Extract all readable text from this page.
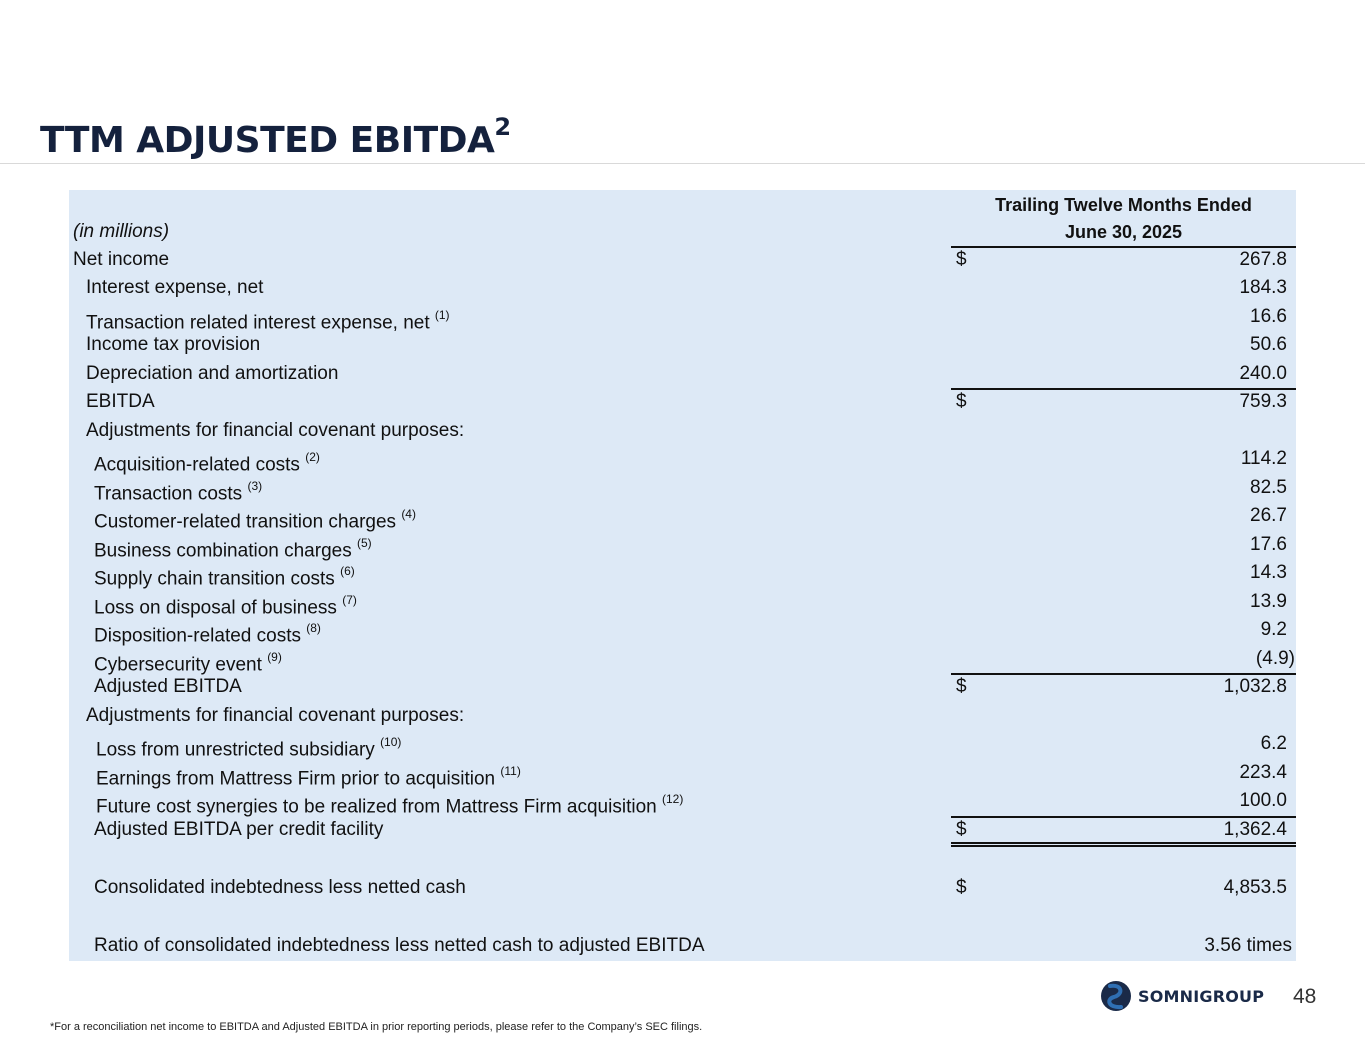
TTM ADJUSTED EBITDA$^2$
Trailing Twelve Months Ended
June 30, 2025
(in millions)
Net income	$	267.8
Interest expense, net	184.3
Transaction related interest expense, net $^{(1)}$	16.6
Income tax provision	50.6
Depreciation and amortization	240.0
EBITDA	$	759.3
Adjustments for financial covenant purposes:
Acquisition-related costs $^{(2)}$	114.2
Transaction costs $^{(3)}$	82.5
Customer-related transition charges $^{(4)}$	26.7
Business combination charges $^{(5)}$	17.6
Supply chain transition costs $^{(6)}$	14.3
Loss on disposal of business $^{(7)}$	13.9
Disposition-related costs $^{(8)}$	9.2
Cybersecurity event $^{(9)}$	(4.9)
Adjusted EBITDA	$	1,032.8
Adjustments for financial covenant purposes:
Loss from unrestricted subsidiary $^{(10)}$	6.2
Earnings from Mattress Firm prior to acquisition $^{(11)}$	223.4
Future cost synergies to be realized from Mattress Firm acquisition $^{(12)}$	100.0
Adjusted EBITDA per credit facility	$	1,362.4
Consolidated indebtedness less netted cash	$	4,853.5
Ratio of consolidated indebtedness less netted cash to adjusted EBITDA	3.56 times
SOMNIGROUP 48
*For a reconciliation net income to EBITDA and Adjusted EBITDA in prior reporting periods, please refer to the Company’s SEC filings.
